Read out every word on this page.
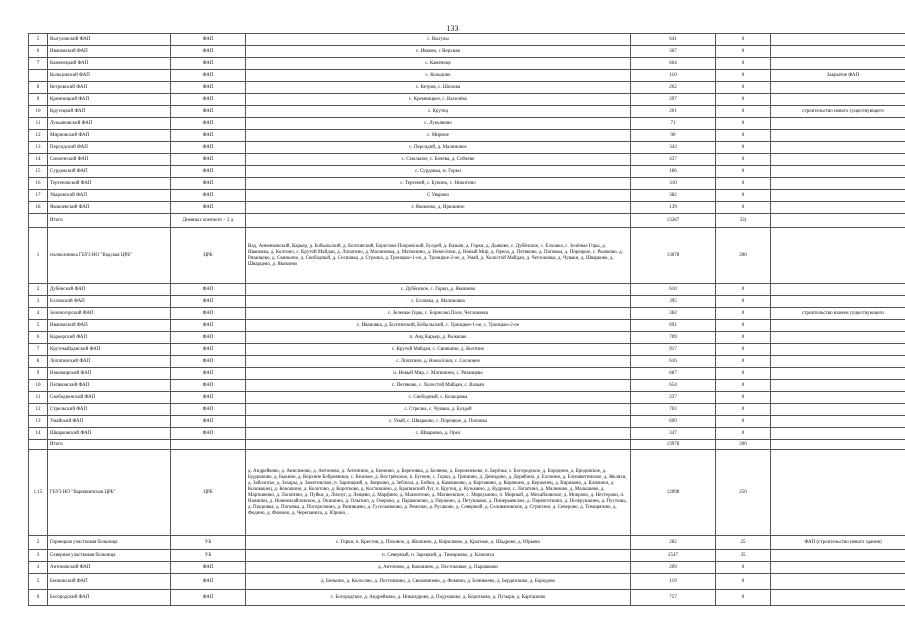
133
5	Выгуловский ФАП	ФАП	с. Выгулы	641	0	
6	Ивановский ФАП	ФАП	с. Ивково, с Верхняк	367	0	
7	Каменецкий ФАП	ФАП	с. Каменецк	664	0	
	Кольцовский ФАП	ФАП	с. Кольцово	110	0	Закрытие ФАП
8	Кетровский ФАП	ФАП	с. Кетров, с. Шилова	262	0	
9	Кремницкий ФАП	ФАП	с. Кремницкое, с. Василёво	297	0	
10	Крутецкий ФАП	ФАП	с. Крутец	201	0	строительство нового существующего
11	Лукьяновский ФАП	ФАП	с. Лукьяново	71	0	
12	Мирновский ФАП	ФАП	с. Мирное	90	0	
13	Персидский ФАП	ФАП	с. Персидий, д. Малиновое	343	0	
14	Смоленский ФАП	ФАП	с. Смольное, с. Бочева, д. Собчево	437	0	
15	Сурдовский ФАП	ФАП	с. Сурдовка, м. Горки	186	0	
16	Тертеновский ФАП	ФАП	с. Тертеней, с. Букино, с. Никитино	310	0	
17	Уваровский ФАП	ФАП	С Уварово	382	0	
18	Яковлевский ФАП	ФАП	г. Яковлево, д. Ирюшино	139	0	
	Итого	Дневных коечного – 2 д		13387	33)	
1	поликлиника ГБУЗ НО "Вадская ЦРБ"	ЦРБ	Вад, Анненковский, Карьер, д. Бобыльский, д. Болтинский, Борисово-Покровский, Булдей, д. Вазьян, д. Горки, д. Дьяково, с. Дубёнское, с. Елховка, с. Зелёные Горы, д. Ивановка, д. Колтино, с. Крутой Майдан, д. Лопатино, д. Малиновка, д. Матюнино, д. Новосёлки, д. Новый Мир, д. Ореол, д. Петяково, д. Поповка, д. Порецкое, с. Рыжково, д. Рязанцево, д. Свиньино, д. Свободный, д. Сосновка, д. Стрелка, д. Троицкое-1-ое, д. Троицкое-2-ое, д. Умай, д. Холостой Майдан, д. Чеглоковка, д. Чуваки, д. Шварково, д. Шварцево, д. Яковлево	13078	200	
2	Дубёнский ФАП	ФАП	с. Дубёнское, с. Горки, д. Яковлево	610	0	
3	Елховский ФАП	ФАП	с. Елховка, д. Малиновка	395	0	
4	Зеленогорский ФАП	ФАП	с. Зеленые Горы, с. Борисово Поле, Чеглоковка	382	0	строительство взамен существующего
5	Ивановский ФАП	ФАП	с. Ивановка, д. Болтинский, Бобыльский, с. Троицкое-1-ое, с. Троицкое-2-ое	691	0	
6	Карьерский ФАП	ФАП	п. Анд Карьер, д. Рыжково	709	0	
7	Крутомайданский ФАП	ФАП	с. Крутой Майдан, с. Свиньино, д. Колтино	917	0	
8	Лопатинский ФАП	ФАП	с. Лопатино, д. Новосёлки, с. Сосновое	616	0	
9	Новомирский ФАП	ФАП	п. Новый Мир, с. Матюнино, с. Рязанцево	687	0	
10	Петяковский ФАП	ФАП	с. Петяково, с. Холостой Майдан, с. Вазьян	654	0	
11	Свободненский ФАП	ФАП	с. Свободный, с. Кольцовка	237	0	
12	Стрельский ФАП	ФАП	с. Стрелка, с. Чуваки, д. Булдей	703	0	
13	Умайский ФАП	ФАП	с. Умай, с. Шварково, с. Порецкое, д. Поповка	609	0	
14	Шварковский ФАП	ФАП	с. Шварково, д. Орел	347	0	
	Итого			13978	200	
1.15	ГБУЗ НО "Варнавинская ЦРБ"	ЦРБ	д. Андрейково, д. Анисимово, д. Антоново, д. Антипино, д. Бенкино, д. Березовка, д. Беляево, д. Бережнеково, п. Берёзка, с. Богородское, д. Бородино, д. Бродовское, д. Бурдюково, д. Быкино, д. Верхние Бобровники, с. Велекое, д. Вострёнское, п. Бупоне, с. Горки, д. Гришино, д. Демидово, д. Дерябино, д. Елочино, д. Елизаветинское, д. Желяхи, д. Заболотье, д. Захары, д. Заметинское, п. Зарницкий, д. Зверково, д. Зеблиха, д. Бойки, д. Камешково, д. Картавино, д. Корякино, д. Керженец, д. Кириково, д. Ключики, д. Коловашец, д. Кокошино, д. Колотово, д. Коротково, д. Костюшино, д. Крапивский Луг, п. Крутец, д. Кузьмино, д. Кудрино, с. Лопатино, д. Малиново, д. Малышево, д. Мартьяново, д. Лопатино, д. Пуйки, д. Лихоуг, д. Лещево, д. Марфино, д. Мамонтово, д. Матвеевское, с. Меркушино, п. Мирный, д. Михайловское, д. Мокрово, д. Нестерово, п. Новинки, д. Новомихайловское, д. Окишино, д. Ольгино, д. Озерово, д. Парамоново, д. Пержино, д. Петушково, д. Пинерыевское, д. Первоготкино, д. Позерушкино, д. Пустошь, д. Покровка, д. Поповка, д. Погорелкино, д. Ранивцево, д. Гусельниково, д. Ремезки, д. Русаково, д. Северный, д. Селивановское, д. Стригино, д. Северово, д. Тимирязево, д. Федино, д. Фомино, д. Черепаниха, д. Юрино, .	12098	250	
2	Горнецкая участковая больница	УБ	с. Горки, п. Крестов, д. Половое, д. Жилкино, д. Кирилково, д. Красные, д. Шадрово, д. Юрьево	282	25	ФАП (строительство нового здания)
3	Северная участковая больница	УБ	п. Северный, п. Зарецкий, д. Тимирково, д. Ключиха	2547	35	
4	Антоновский ФАП	ФАП	д. Антоново, д. Кокошино, д. Пестоковые, д. Парашково	209	0	
5	Бенкинский ФАП	ФАП	д. Бенкино, д. Колосово, д. Постниково, д. Своковичево, д. Фомино, д. Блинкеево, д. Бердюгково, д. Бородово	119	0	
6	Богородский ФАП	ФАП	с. Богородское, д. Андрейково, д. Никандрово, д. Подушково, д. Коротково, д. Пузыри, д. Карташово	757	0	
